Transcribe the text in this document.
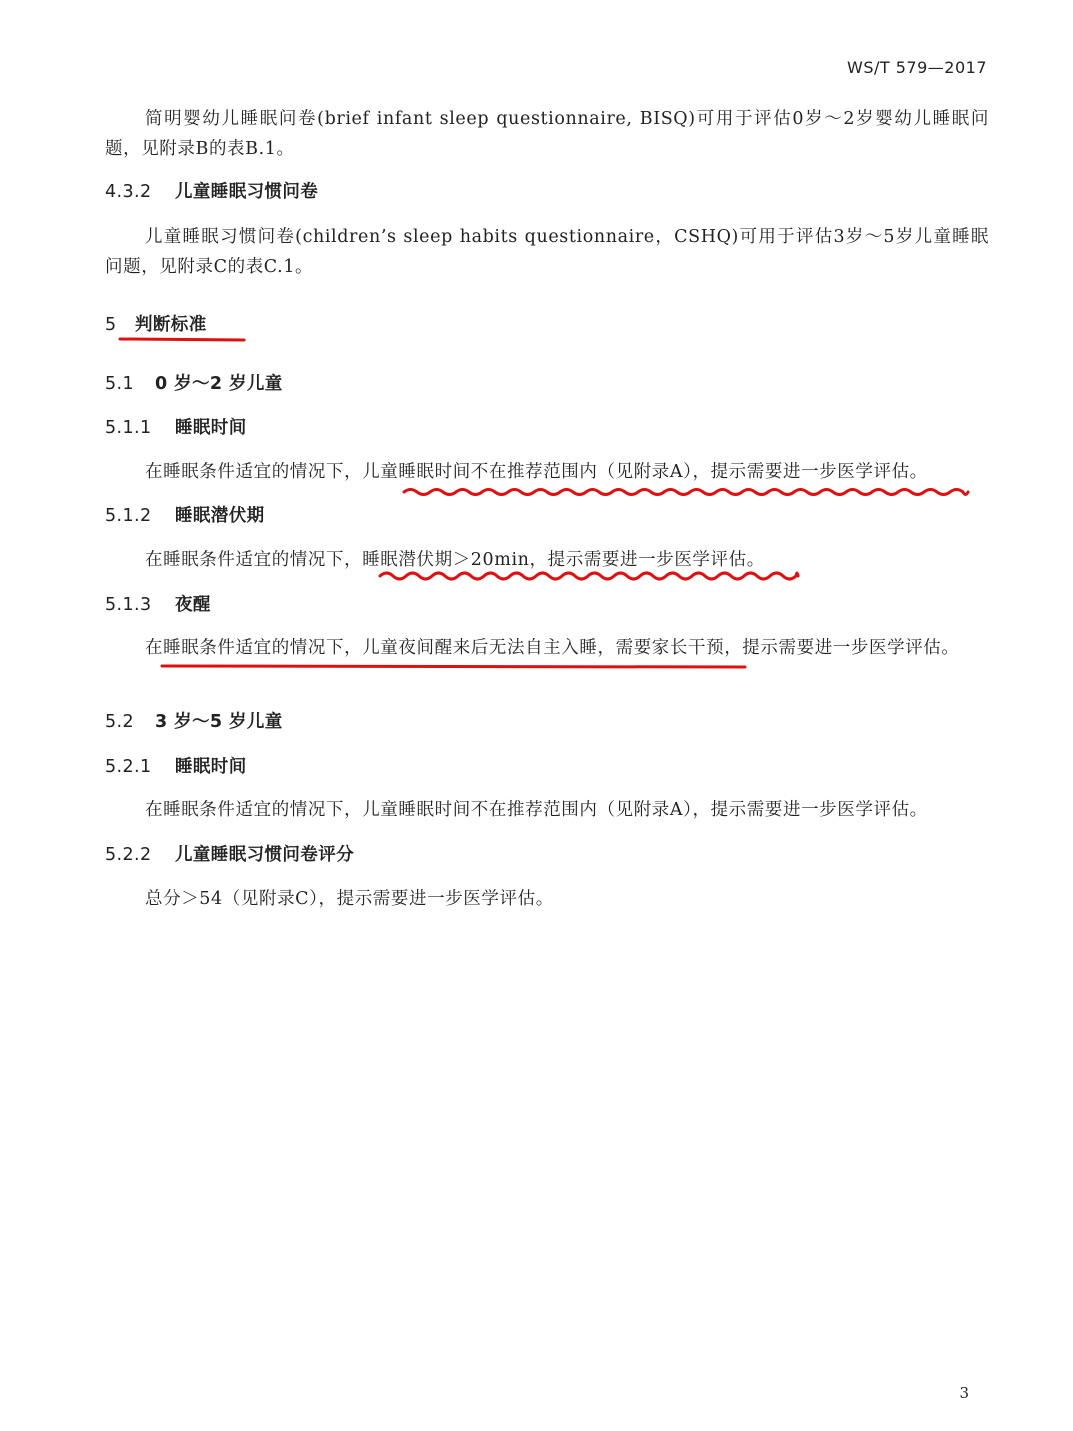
WS/T 579—2017

简明婴幼儿睡眠问卷(brief infant sleep questionnaire, BISQ)可用于评估0岁～2岁婴幼儿睡眠问题，见附录B的表B.1。

4.3.2 儿童睡眠习惯问卷

儿童睡眠习惯问卷(children’s sleep habits questionnaire，CSHQ)可用于评估3岁～5岁儿童睡眠问题，见附录C的表C.1。

5 判断标准
5.1 0 岁～2 岁儿童
5.1.1 睡眠时间

在睡眠条件适宜的情况下，儿童睡眠时间不在推荐范围内（见附录A），提示需要进一步医学评估。

5.1.2 睡眠潜伏期

在睡眠条件适宜的情况下，睡眠潜伏期＞20min，提示需要进一步医学评估。

5.1.3 夜醒

在睡眠条件适宜的情况下，儿童夜间醒来后无法自主入睡，需要家长干预，提示需要进一步医学评估。

5.2 3 岁～5 岁儿童
5.2.1 睡眠时间

在睡眠条件适宜的情况下，儿童睡眠时间不在推荐范围内（见附录A），提示需要进一步医学评估。

5.2.2 儿童睡眠习惯问卷评分

总分＞54（见附录C），提示需要进一步医学评估。

3
